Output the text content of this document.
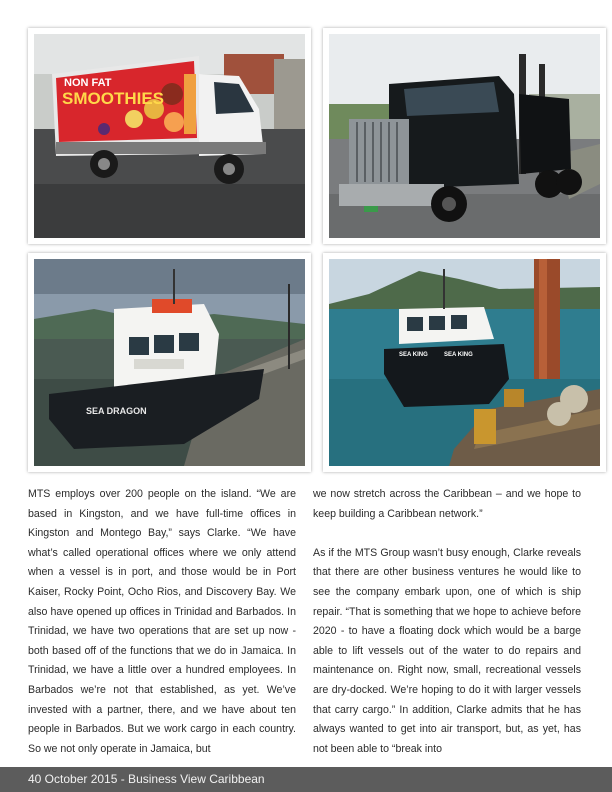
NON FAT
SMOOTHIES
SEA DRAGON
SEA KING	SEA KING

MTS employs over 200 people on the island. “We are based in Kingston, and we have full-time offices in Kingston and Montego Bay,” says Clarke. “We have what’s called operational offices where we only attend when a vessel is in port, and those would be in Port Kaiser, Rocky Point, Ocho Rios, and Discovery Bay. We also have opened up offices in Trinidad and Barbados. In Trinidad, we have two operations that are set up now - both based off of the functions that we do in Jamaica. In Trinidad, we have a little over a hundred employees. In Barbados we’re not that established, as yet. We’ve invested with a partner, there, and we have about ten people in Barbados. But we work cargo in each country. So we not only operate in Jamaica, but

we now stretch across the Caribbean – and we hope to keep building a Caribbean network.”

As if the MTS Group wasn’t busy enough, Clarke reveals that there are other business ventures he would like to see the company embark upon, one of which is ship repair. “That is something that we hope to achieve before 2020 - to have a floating dock which would be a barge able to lift vessels out of the water to do repairs and maintenance on. Right now, small, recreational vessels are dry-docked. We’re hoping to do it with larger vessels that carry cargo.” In addition, Clarke admits that he has always wanted to get into air transport, but, as yet, has not been able to “break into

40 October 2015 - Business View Caribbean
